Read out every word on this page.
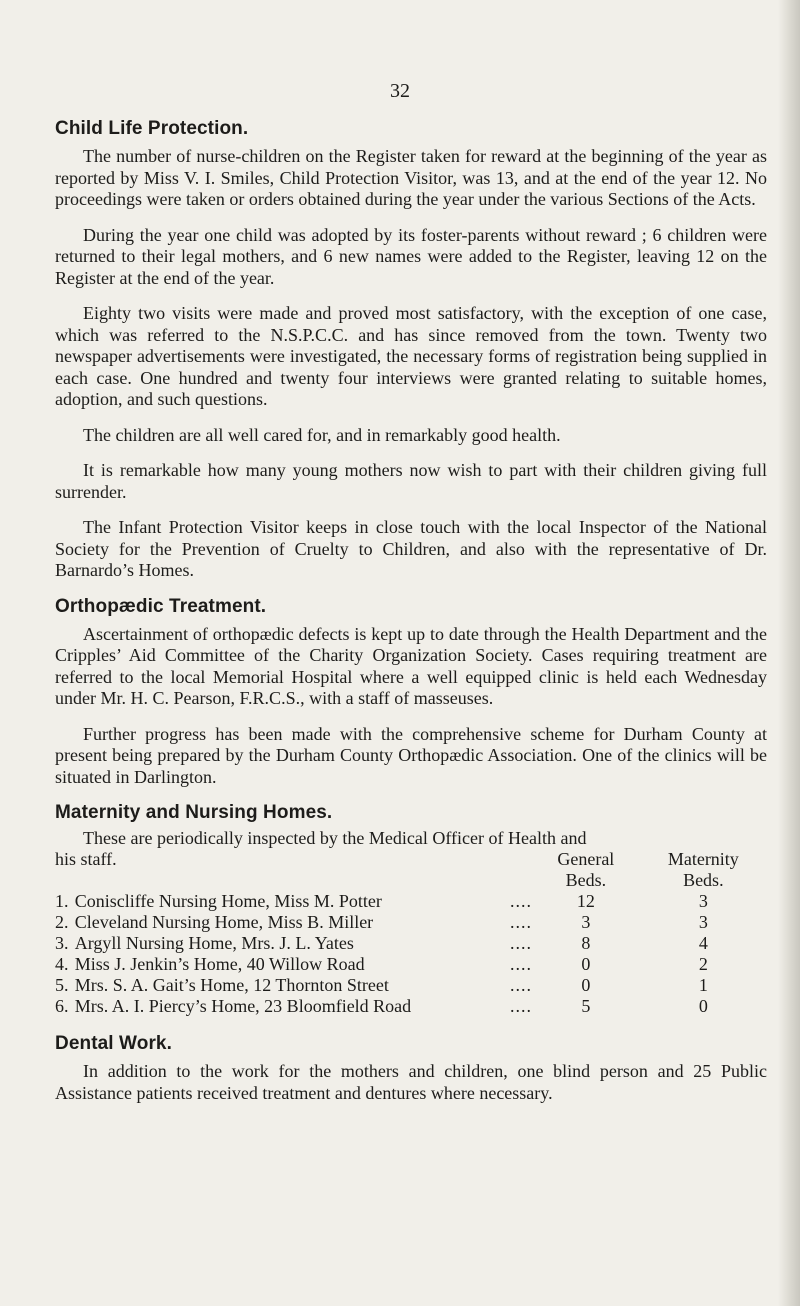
32
Child Life Protection.

The number of nurse-children on the Register taken for reward at the beginning of the year as reported by Miss V. I. Smiles, Child Protection Visitor, was 13, and at the end of the year 12. No proceedings were taken or orders obtained during the year under the various Sections of the Acts.

During the year one child was adopted by its foster-parents without reward ; 6 children were returned to their legal mothers, and 6 new names were added to the Register, leaving 12 on the Register at the end of the year.

Eighty two visits were made and proved most satisfactory, with the exception of one case, which was referred to the N.S.P.C.C. and has since removed from the town. Twenty two newspaper advertisements were investigated, the necessary forms of registration being supplied in each case. One hundred and twenty four interviews were granted relating to suitable homes, adoption, and such questions.

The children are all well cared for, and in remarkably good health.

It is remarkable how many young mothers now wish to part with their children giving full surrender.

The Infant Protection Visitor keeps in close touch with the local Inspector of the National Society for the Prevention of Cruelty to Children, and also with the representative of Dr. Barnardo’s Homes.

Orthopædic Treatment.

Ascertainment of orthopædic defects is kept up to date through the Health Department and the Cripples’ Aid Committee of the Charity Organization Society. Cases requiring treatment are referred to the local Memorial Hospital where a well equipped clinic is held each Wednesday under Mr. H. C. Pearson, F.R.C.S., with a staff of masseuses.

Further progress has been made with the comprehensive scheme for Durham County at present being prepared by the Durham County Orthopædic Association. One of the clinics will be situated in Darlington.

Maternity and Nursing Homes.
These are periodically inspected by the Medical Officer of Health and				
his staff.			General	Maternity
			Beds.	Beds.
1.	Coniscliffe Nursing Home, Miss M. Potter	....	12	3
2.	Cleveland Nursing Home, Miss B. Miller	....	3	3
3.	Argyll Nursing Home, Mrs. J. L. Yates	....	8	4
4.	Miss J. Jenkin’s Home, 40 Willow Road	....	0	2
5.	Mrs. S. A. Gait’s Home, 12 Thornton Street	....	0	1
6.	Mrs. A. I. Piercy’s Home, 23 Bloomfield Road	....	5	0
Dental Work.

In addition to the work for the mothers and children, one blind person and 25 Public Assistance patients received treatment and dentures where necessary.
